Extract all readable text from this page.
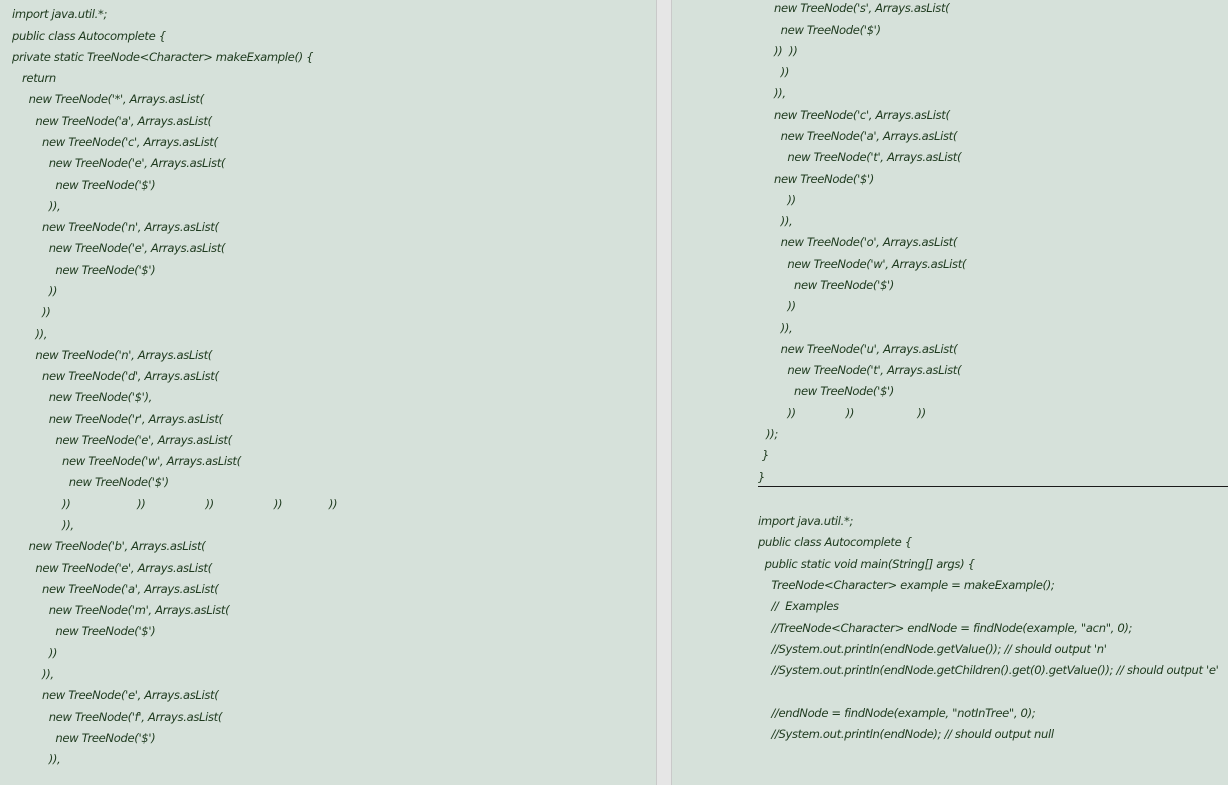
import java.util.*;
public class Autocomplete {
private static TreeNode<Character> makeExample() {
return
new TreeNode('*', Arrays.asList(
new TreeNode('a', Arrays.asList(
new TreeNode('c', Arrays.asList(
new TreeNode('e', Arrays.asList(
new TreeNode('$')
)),
new TreeNode('n', Arrays.asList(
new TreeNode('e', Arrays.asList(
new TreeNode('$')
))
))
)),
new TreeNode('n', Arrays.asList(
new TreeNode('d', Arrays.asList(
new TreeNode('$'),
new TreeNode('r', Arrays.asList(
new TreeNode('e', Arrays.asList(
new TreeNode('w', Arrays.asList(
new TreeNode('$')
))                    ))                  ))                  ))              ))
)),
new TreeNode('b', Arrays.asList(
new TreeNode('e', Arrays.asList(
new TreeNode('a', Arrays.asList(
new TreeNode('m', Arrays.asList(
new TreeNode('$')
))
)),
new TreeNode('e', Arrays.asList(
new TreeNode('f', Arrays.asList(
new TreeNode('$')
)),
new TreeNode('s', Arrays.asList(
new TreeNode('$')
))  ))
))
)),
new TreeNode('c', Arrays.asList(
new TreeNode('a', Arrays.asList(
new TreeNode('t', Arrays.asList(
new TreeNode('$')
))
)),
new TreeNode('o', Arrays.asList(
new TreeNode('w', Arrays.asList(
new TreeNode('$')
))
)),
new TreeNode('u', Arrays.asList(
new TreeNode('t', Arrays.asList(
new TreeNode('$')
))               ))                   ))
));
}
}
import java.util.*;
public class Autocomplete {
public static void main(String[] args) {
TreeNode<Character> example = makeExample();
//  Examples
//TreeNode<Character> endNode = findNode(example, "acn", 0);
//System.out.println(endNode.getValue()); // should output 'n'
//System.out.println(endNode.getChildren().get(0).getValue()); // should output 'e'
//endNode = findNode(example, "notInTree", 0);
//System.out.println(endNode); // should output null
